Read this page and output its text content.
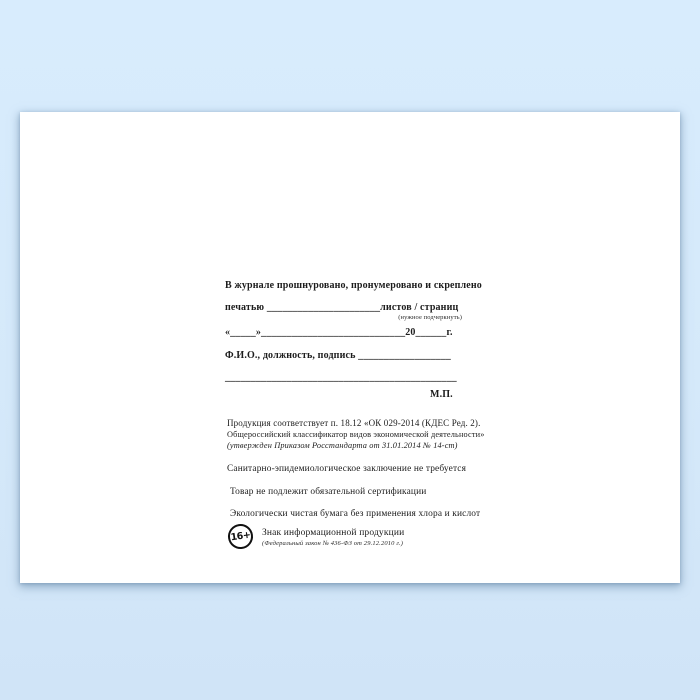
В журнале прошнуровано, пронумеровано и скреплено
печатью ______________________листов / страниц
(нужное подчеркнуть)
«_____»____________________________20______г.
Ф.И.О., должность, подпись __________________
_____________________________________________
М.П.
Продукция соответствует п. 18.12 «ОК 029-2014 (КДЕС Ред. 2).
Общероссийский классификатор видов экономической деятельности»
(утвержден Приказом Росстандарта от 31.01.2014 № 14-ст)
Санитарно-эпидемиологическое заключение не требуется
Товар не подлежит обязательной сертификации
Экологически чистая бумага без применения хлора и кислот
16+ Знак информационной продукции
(Федеральный закон № 436-ФЗ от 29.12.2010 г.)
